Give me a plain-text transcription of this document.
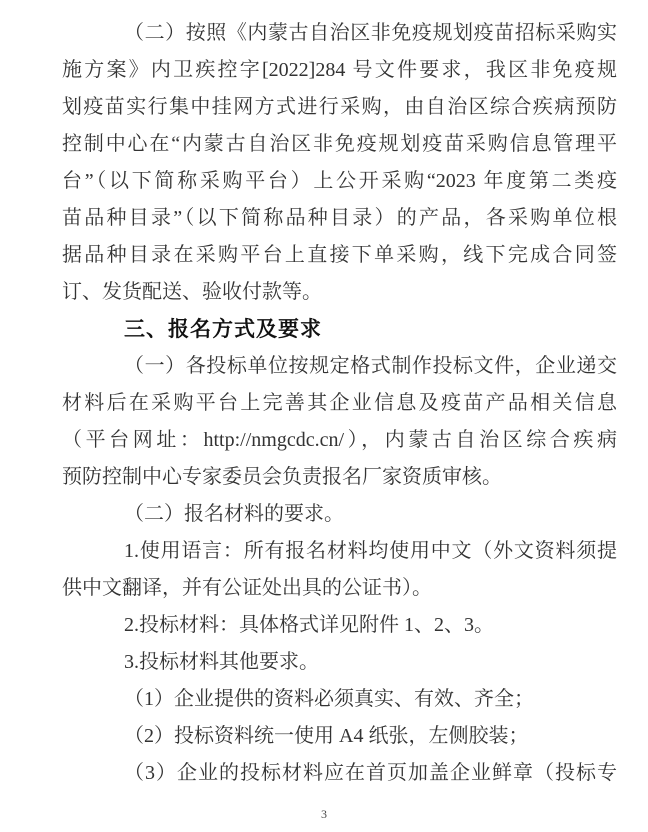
（二）按照《内蒙古自治区非免疫规划疫苗招标采购实
施方案》内卫疾控字[2022]284 号文件要求，我区非免疫规
划疫苗实行集中挂网方式进行采购，由自治区综合疾病预防
控制中心在“内蒙古自治区非免疫规划疫苗采购信息管理平
台”（以下简称采购平台）上公开采购“2023 年度第二类疫
苗品种目录”（以下简称品种目录）的产品，各采购单位根
据品种目录在采购平台上直接下单采购，线下完成合同签
订、发货配送、验收付款等。
三、报名方式及要求
（一）各投标单位按规定格式制作投标文件，企业递交
材料后在采购平台上完善其企业信息及疫苗产品相关信息
（平台网址：http://nmgcdc.cn/），内蒙古自治区综合疾病
预防控制中心专家委员会负责报名厂家资质审核。
（二）报名材料的要求。
1.使用语言：所有报名材料均使用中文（外文资料须提
供中文翻译，并有公证处出具的公证书）。
2.投标材料：具体格式详见附件 1、2、3。
3.投标材料其他要求。
（1）企业提供的资料必须真实、有效、齐全；
（2）投标资料统一使用 A4 纸张，左侧胶装；
（3）企业的投标材料应在首页加盖企业鲜章（投标专
3
